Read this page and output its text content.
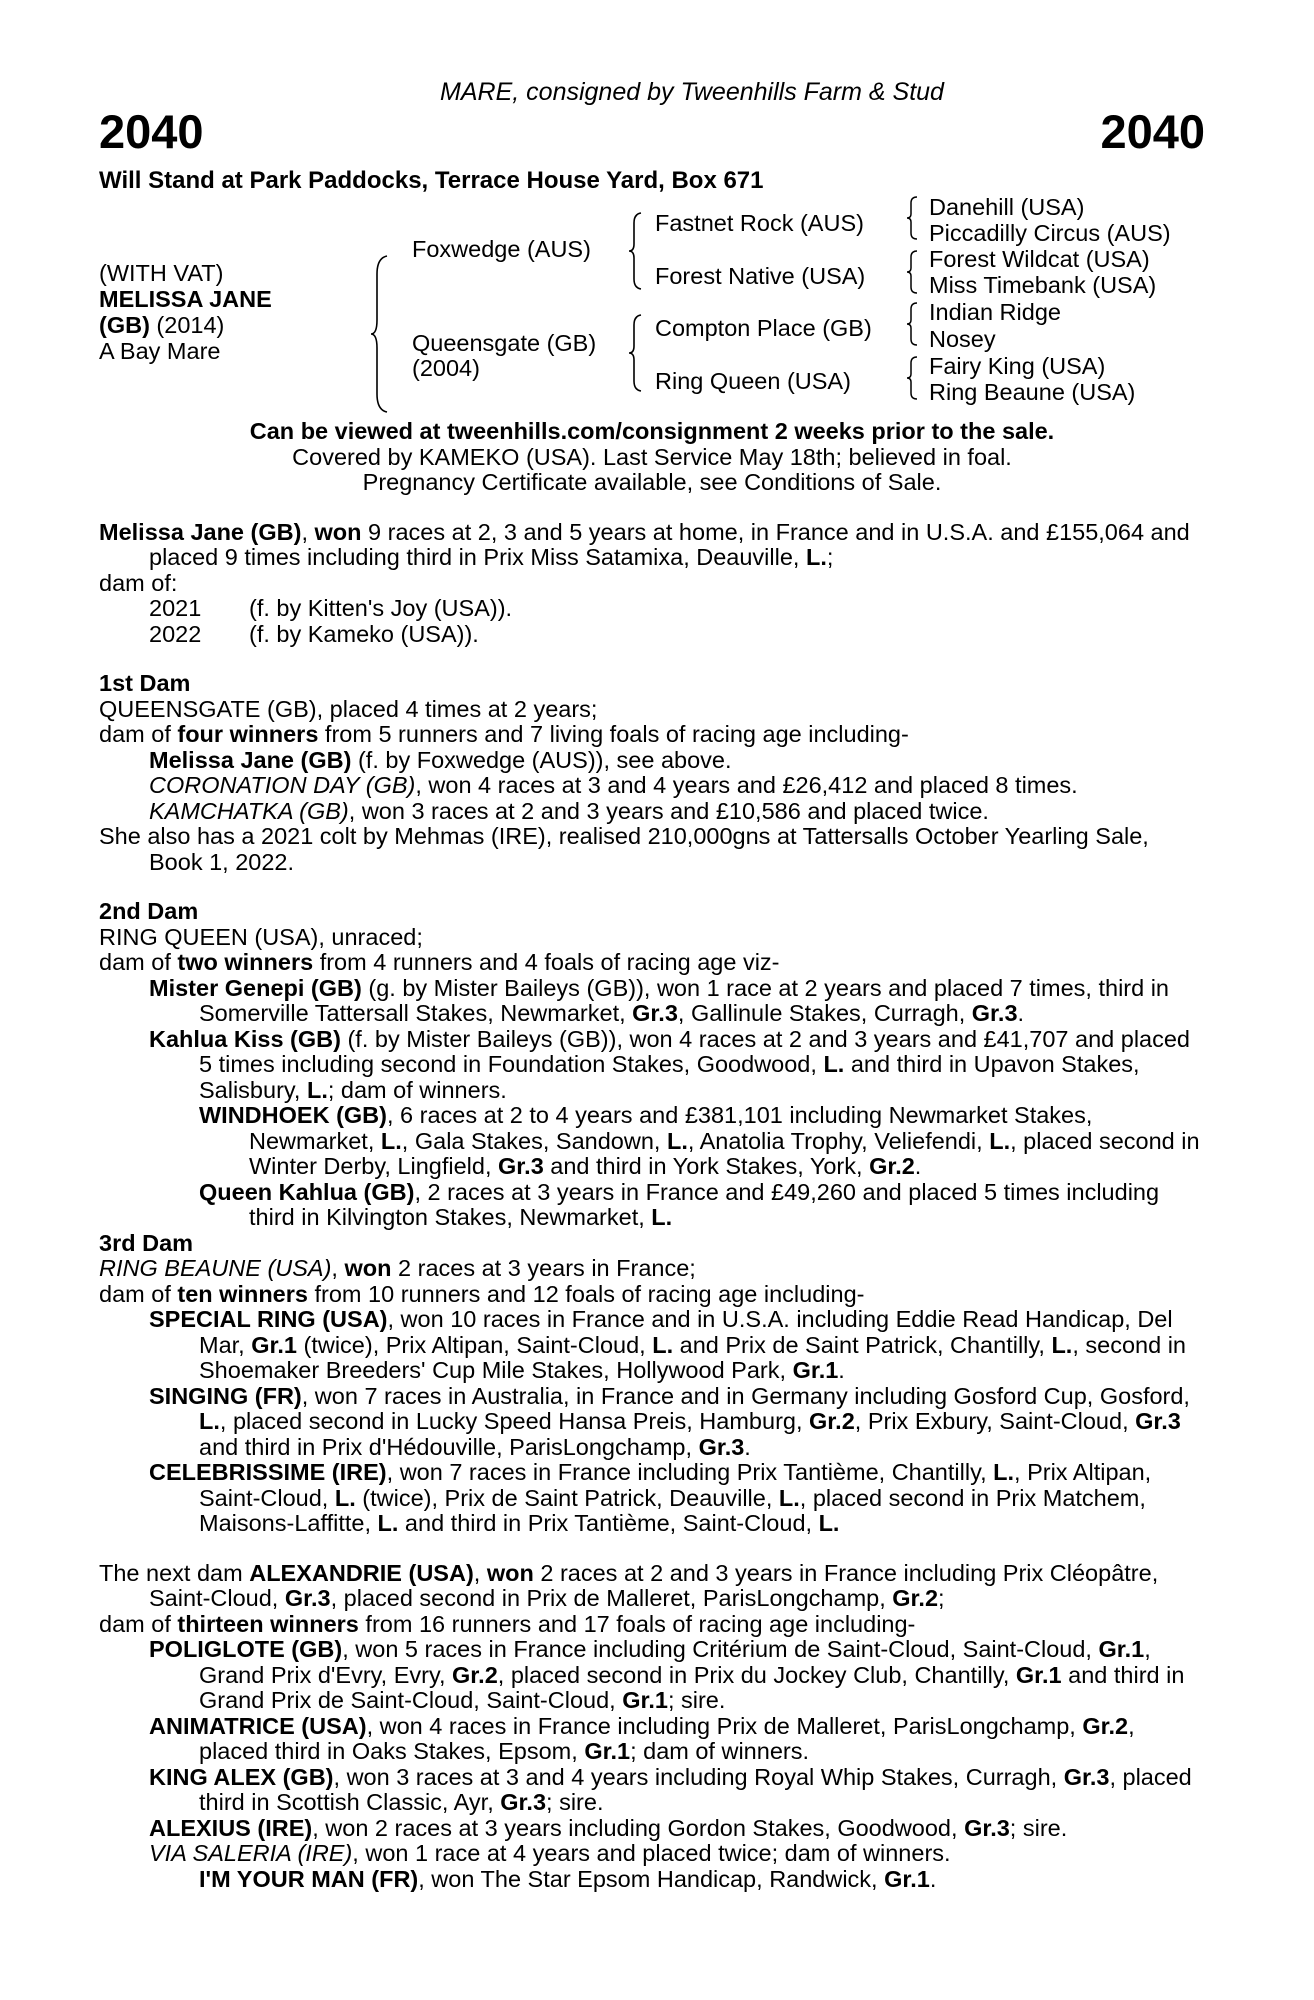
MARE, consigned by Tweenhills Farm & Stud
2040	2040
Will Stand at Park Paddocks, Terrace House Yard, Box 671
(WITH VAT)
MELISSA JANE
(GB) (2014)
A Bay Mare
Foxwedge (AUS)
Queensgate (GB)
(2004)
Fastnet Rock (AUS)
Forest Native (USA)
Compton Place (GB)
Ring Queen (USA)
Danehill (USA)
Piccadilly Circus (AUS)
Forest Wildcat (USA)
Miss Timebank (USA)
Indian Ridge
Nosey
Fairy King (USA)
Ring Beaune (USA)
Can be viewed at tweenhills.com/consignment 2 weeks prior to the sale.
Covered by KAMEKO (USA). Last Service May 18th; believed in foal.
Pregnancy Certificate available, see Conditions of Sale.
Melissa Jane (GB), won 9 races at 2, 3 and 5 years at home, in France and in U.S.A. and £155,064 and placed 9 times including third in Prix Miss Satamixa, Deauville, L.;
dam of:
2021	(f. by Kitten's Joy (USA)).
2022	(f. by Kameko (USA)).
1st Dam
QUEENSGATE (GB), placed 4 times at 2 years;
dam of four winners from 5 runners and 7 living foals of racing age including-
Melissa Jane (GB) (f. by Foxwedge (AUS)), see above.
CORONATION DAY (GB), won 4 races at 3 and 4 years and £26,412 and placed 8 times.
KAMCHATKA (GB), won 3 races at 2 and 3 years and £10,586 and placed twice.
She also has a 2021 colt by Mehmas (IRE), realised 210,000gns at Tattersalls October Yearling Sale, Book 1, 2022.
2nd Dam
RING QUEEN (USA), unraced;
dam of two winners from 4 runners and 4 foals of racing age viz-
Mister Genepi (GB) (g. by Mister Baileys (GB)), won 1 race at 2 years and placed 7 times, third in Somerville Tattersall Stakes, Newmarket, Gr.3, Gallinule Stakes, Curragh, Gr.3.
Kahlua Kiss (GB) (f. by Mister Baileys (GB)), won 4 races at 2 and 3 years and £41,707 and placed 5 times including second in Foundation Stakes, Goodwood, L. and third in Upavon Stakes, Salisbury, L.; dam of winners.
WINDHOEK (GB), 6 races at 2 to 4 years and £381,101 including Newmarket Stakes, Newmarket, L., Gala Stakes, Sandown, L., Anatolia Trophy, Veliefendi, L., placed second in Winter Derby, Lingfield, Gr.3 and third in York Stakes, York, Gr.2.
Queen Kahlua (GB), 2 races at 3 years in France and £49,260 and placed 5 times including third in Kilvington Stakes, Newmarket, L.
3rd Dam
RING BEAUNE (USA), won 2 races at 3 years in France;
dam of ten winners from 10 runners and 12 foals of racing age including-
SPECIAL RING (USA), won 10 races in France and in U.S.A. including Eddie Read Handicap, Del Mar, Gr.1 (twice), Prix Altipan, Saint-Cloud, L. and Prix de Saint Patrick, Chantilly, L., second in Shoemaker Breeders' Cup Mile Stakes, Hollywood Park, Gr.1.
SINGING (FR), won 7 races in Australia, in France and in Germany including Gosford Cup, Gosford, L., placed second in Lucky Speed Hansa Preis, Hamburg, Gr.2, Prix Exbury, Saint-Cloud, Gr.3 and third in Prix d'Hédouville, ParisLongchamp, Gr.3.
CELEBRISSIME (IRE), won 7 races in France including Prix Tantième, Chantilly, L., Prix Altipan, Saint-Cloud, L. (twice), Prix de Saint Patrick, Deauville, L., placed second in Prix Matchem, Maisons-Laffitte, L. and third in Prix Tantième, Saint-Cloud, L.
The next dam ALEXANDRIE (USA), won 2 races at 2 and 3 years in France including Prix Cléopâtre, Saint-Cloud, Gr.3, placed second in Prix de Malleret, ParisLongchamp, Gr.2;
dam of thirteen winners from 16 runners and 17 foals of racing age including-
POLIGLOTE (GB), won 5 races in France including Critérium de Saint-Cloud, Saint-Cloud, Gr.1, Grand Prix d'Evry, Evry, Gr.2, placed second in Prix du Jockey Club, Chantilly, Gr.1 and third in Grand Prix de Saint-Cloud, Saint-Cloud, Gr.1; sire.
ANIMATRICE (USA), won 4 races in France including Prix de Malleret, ParisLongchamp, Gr.2, placed third in Oaks Stakes, Epsom, Gr.1; dam of winners.
KING ALEX (GB), won 3 races at 3 and 4 years including Royal Whip Stakes, Curragh, Gr.3, placed third in Scottish Classic, Ayr, Gr.3; sire.
ALEXIUS (IRE), won 2 races at 3 years including Gordon Stakes, Goodwood, Gr.3; sire.
VIA SALERIA (IRE), won 1 race at 4 years and placed twice; dam of winners.
I'M YOUR MAN (FR), won The Star Epsom Handicap, Randwick, Gr.1.
